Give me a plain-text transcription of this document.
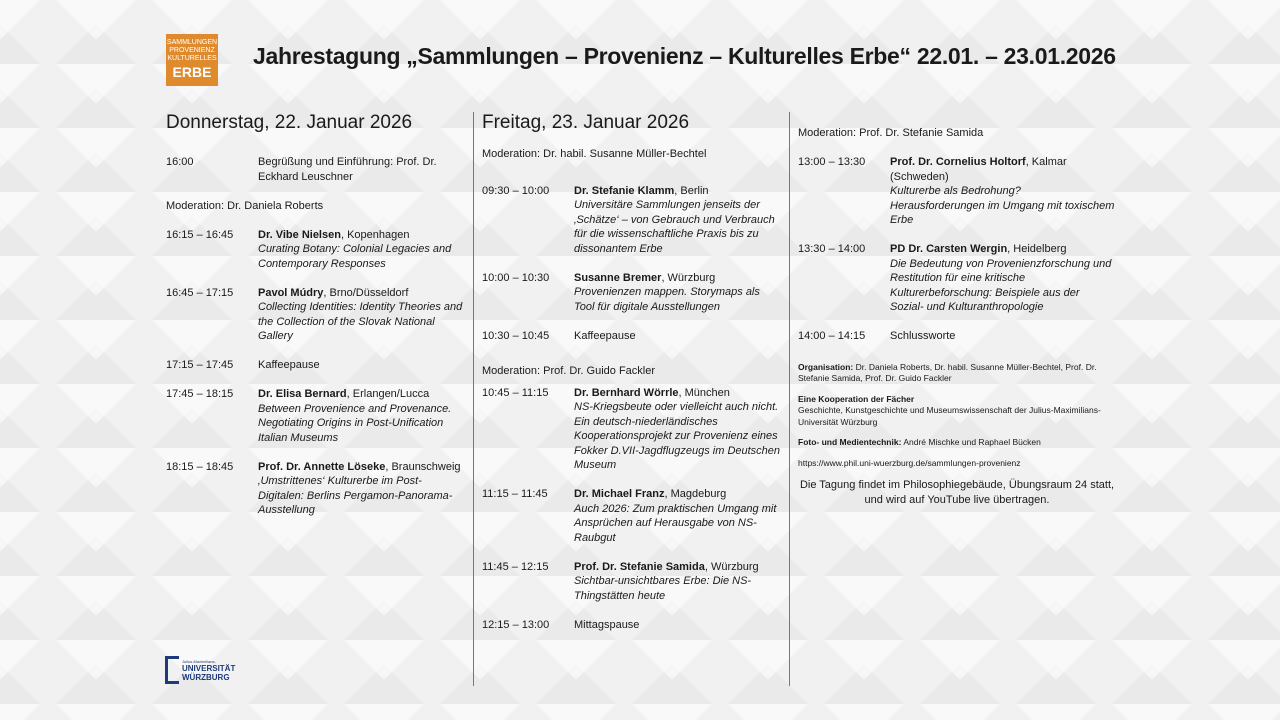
SAMMLUNGEN
PROVENIENZ
KULTURELLES
ERBE
Jahrestagung „Sammlungen – Provenienz – Kulturelles Erbe“ 22.01. – 23.01.2026
Donnerstag, 22. Januar 2026
16:00	Begrüßung und Einführung: Prof. Dr. Eckhard Leuschner
Moderation: Dr. Daniela Roberts
16:15 – 16:45	Dr. Vibe Nielsen, Kopenhagen
Curating Botany: Colonial Legacies and Contemporary Responses
16:45 – 17:15	Pavol Múdry, Brno/Düsseldorf
Collecting Identities: Identity Theories and the Collection of the Slovak National Gallery
17:15 – 17:45	Kaffeepause
17:45 – 18:15	Dr. Elisa Bernard, Erlangen/Lucca
Between Provenience and Provenance. Negotiating Origins in Post-Unification Italian Museums
18:15 – 18:45	Prof. Dr. Annette Löseke, Braunschweig
‚Umstrittenes‘ Kulturerbe im Post-Digitalen: Berlins Pergamon-Panorama-Ausstellung
Freitag, 23. Januar 2026
Moderation: Dr. habil. Susanne Müller-Bechtel
09:30 – 10:00	Dr. Stefanie Klamm, Berlin
Universitäre Sammlungen jenseits der ‚Schätze‘ – von Gebrauch und Verbrauch für die wissenschaftliche Praxis bis zu dissonantem Erbe
10:00 – 10:30	Susanne Bremer, Würzburg
Provenienzen mappen. Storymaps als Tool für digitale Ausstellungen
10:30 – 10:45	Kaffeepause
Moderation: Prof. Dr. Guido Fackler
10:45 – 11:15	Dr. Bernhard Wörrle, München
NS-Kriegsbeute oder vielleicht auch nicht. Ein deutsch-niederländisches Kooperationsprojekt zur Provenienz eines Fokker D.VII-Jagdflugzeugs im Deutschen Museum
11:15 – 11:45	Dr. Michael Franz, Magdeburg
Auch 2026: Zum praktischen Umgang mit Ansprüchen auf Herausgabe von NS-Raubgut
11:45 – 12:15	Prof. Dr. Stefanie Samida, Würzburg
Sichtbar-unsichtbares Erbe: Die NS-Thingstätten heute
12:15 – 13:00	Mittagspause
Moderation: Prof. Dr. Stefanie Samida
13:00 – 13:30	Prof. Dr. Cornelius Holtorf, Kalmar (Schweden)
Kulturerbe als Bedrohung? Herausforderungen im Umgang mit toxischem Erbe
13:30 – 14:00	PD Dr. Carsten Wergin, Heidelberg
Die Bedeutung von Provenienzforschung und Restitution für eine kritische Kulturerbeforschung: Beispiele aus der Sozial- und Kulturanthropologie
14:00 – 14:15	Schlussworte
Organisation: Dr. Daniela Roberts, Dr. habil. Susanne Müller-Bechtel, Prof. Dr. Stefanie Samida, Prof. Dr. Guido Fackler
Eine Kooperation der Fächer
Geschichte, Kunstgeschichte und Museumswissenschaft der Julius-Maximilians-Universität Würzburg
Foto- und Medientechnik: André Mischke und Raphael Bücken
https://www.phil.uni-wuerzburg.de/sammlungen-provenienz
Die Tagung findet im Philosophiegebäude, Übungsraum 24 statt, und wird auf YouTube live übertragen.
Julius-Maximilians-
UNIVERSITÄT
WÜRZBURG
